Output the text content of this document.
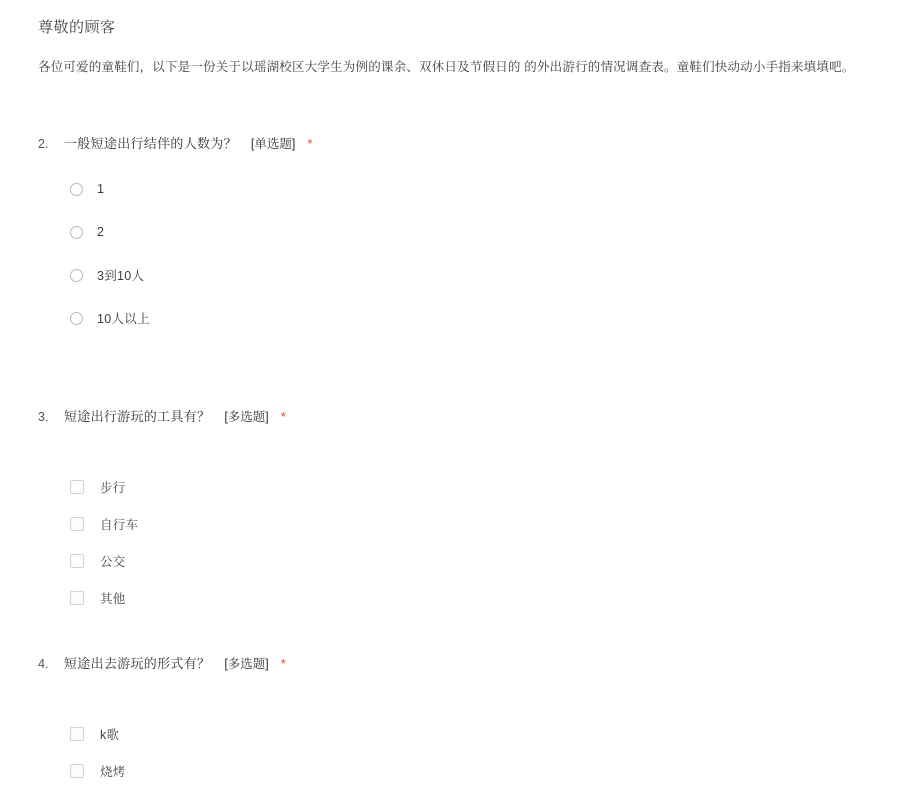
尊敬的顾客
各位可爱的童鞋们，以下是一份关于以瑶湖校区大学生为例的课余、双休日及节假日的 的外出游行的情况调查表。童鞋们快动动小手指来填填吧。
2.	一般短途出行结伴的人数为？ [单选题] *
1
2
3到10人
10人以上
3.	短途出行游玩的工具有？ [多选题] *
步行
自行车
公交
其他
4.	短途出去游玩的形式有？ [多选题] *
k歌
烧烤
